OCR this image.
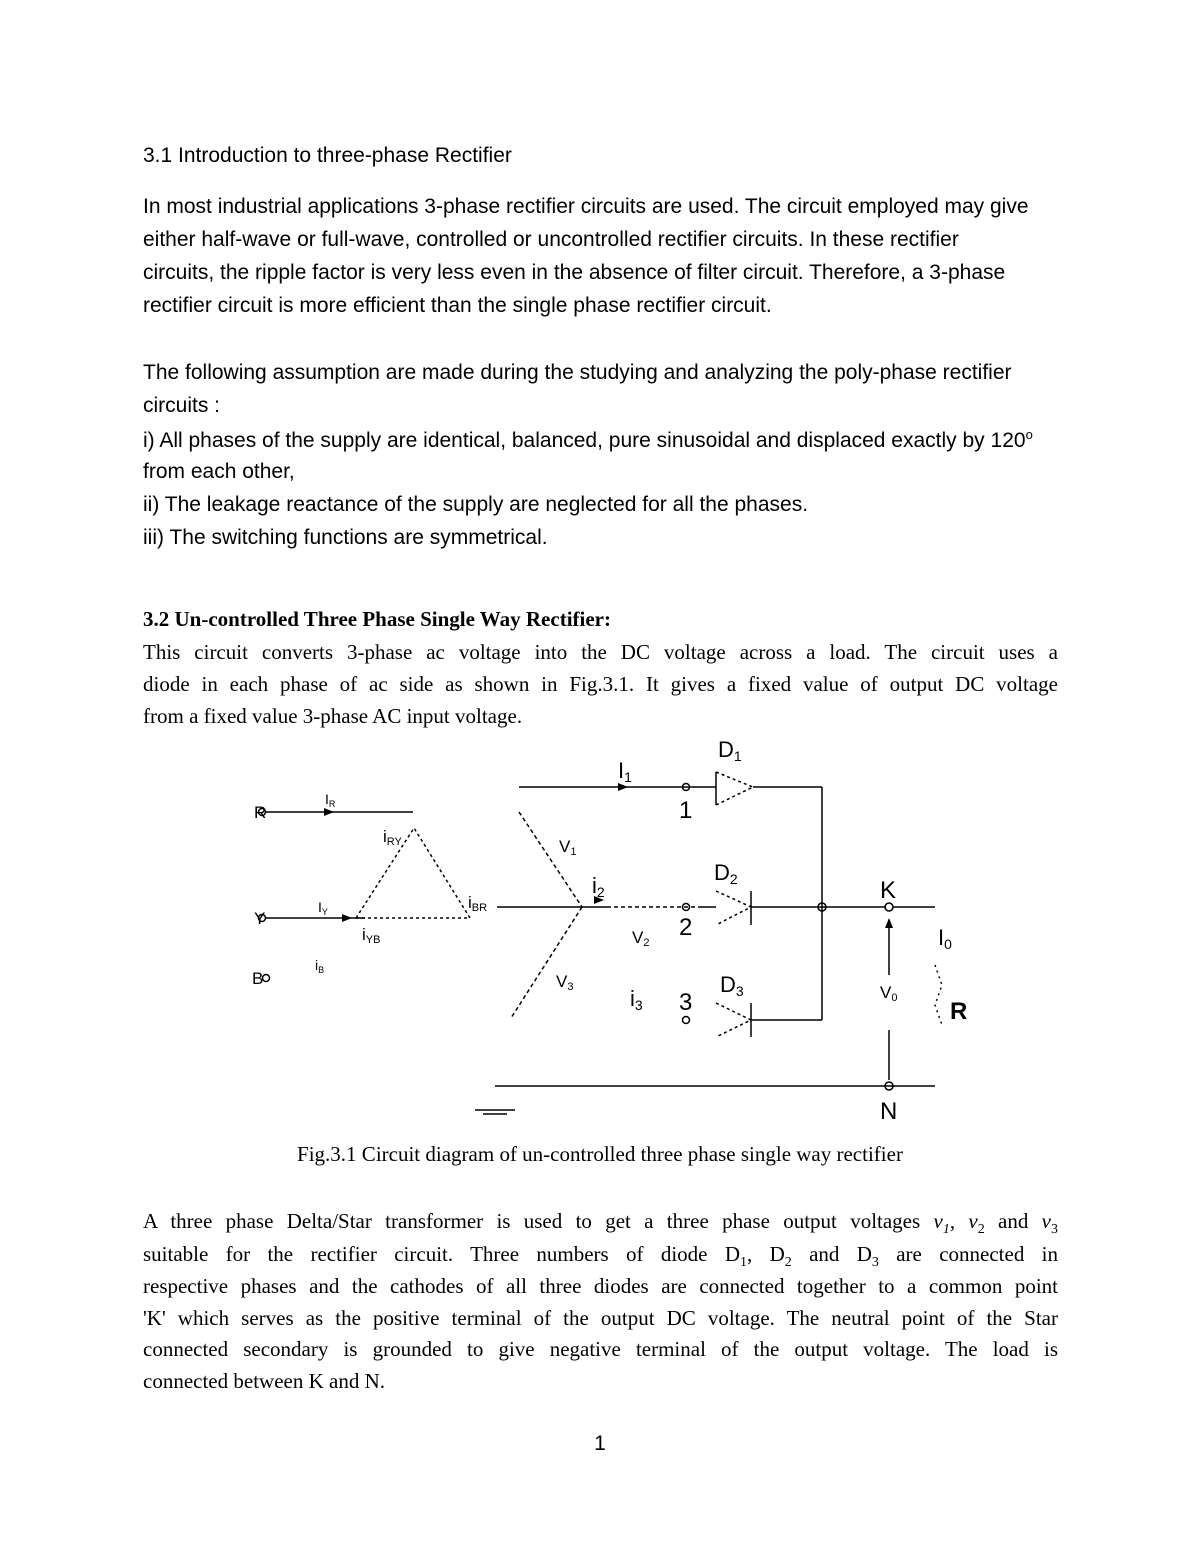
3.1 Introduction to three-phase Rectifier
In most industrial applications 3-phase rectifier circuits are used. The circuit employed may give
either half-wave or full-wave, controlled or uncontrolled rectifier circuits. In these rectifier
circuits, the ripple factor is very less even in the absence of filter circuit. Therefore, a 3-phase
rectifier circuit is more efficient than the single phase rectifier circuit.
The following assumption are made during the studying and analyzing the poly-phase rectifier
circuits :
i) All phases of the supply are identical, balanced, pure sinusoidal and displaced exactly by 120$^o$
from each other,
ii) The leakage reactance of the supply are neglected for all the phases.
iii) The switching functions are symmetrical.
3.2 Un-controlled Three Phase Single Way Rectifier:
This circuit converts 3-phase ac voltage into the DC voltage across a load. The circuit uses a
diode in each phase of ac side as shown in Fig.3.1. It gives a fixed value of output DC voltage
from a fixed value 3-phase AC input voltage.
R
Y
B
$I_R$
$I_Y$
$i_B$
iRY
iYB
iBR
I1
i2
i3
V1
V2
V3
1
2
3
D1
D2
D3
K
N
V0
I0
R
Fig.3.1 Circuit diagram of un-controlled three phase single way rectifier
A three phase Delta/Star transformer is used to get a three phase output voltages $v_1$, $v_2$ and $v_3$
suitable for the rectifier circuit. Three numbers of diode $D_1$, $D_2$ and $D_3$ are connected in
respective phases and the cathodes of all three diodes are connected together to a common point
'K' which serves as the positive terminal of the output DC voltage. The neutral point of the Star
connected secondary is grounded to give negative terminal of the output voltage. The load is
connected between K and N.
1
